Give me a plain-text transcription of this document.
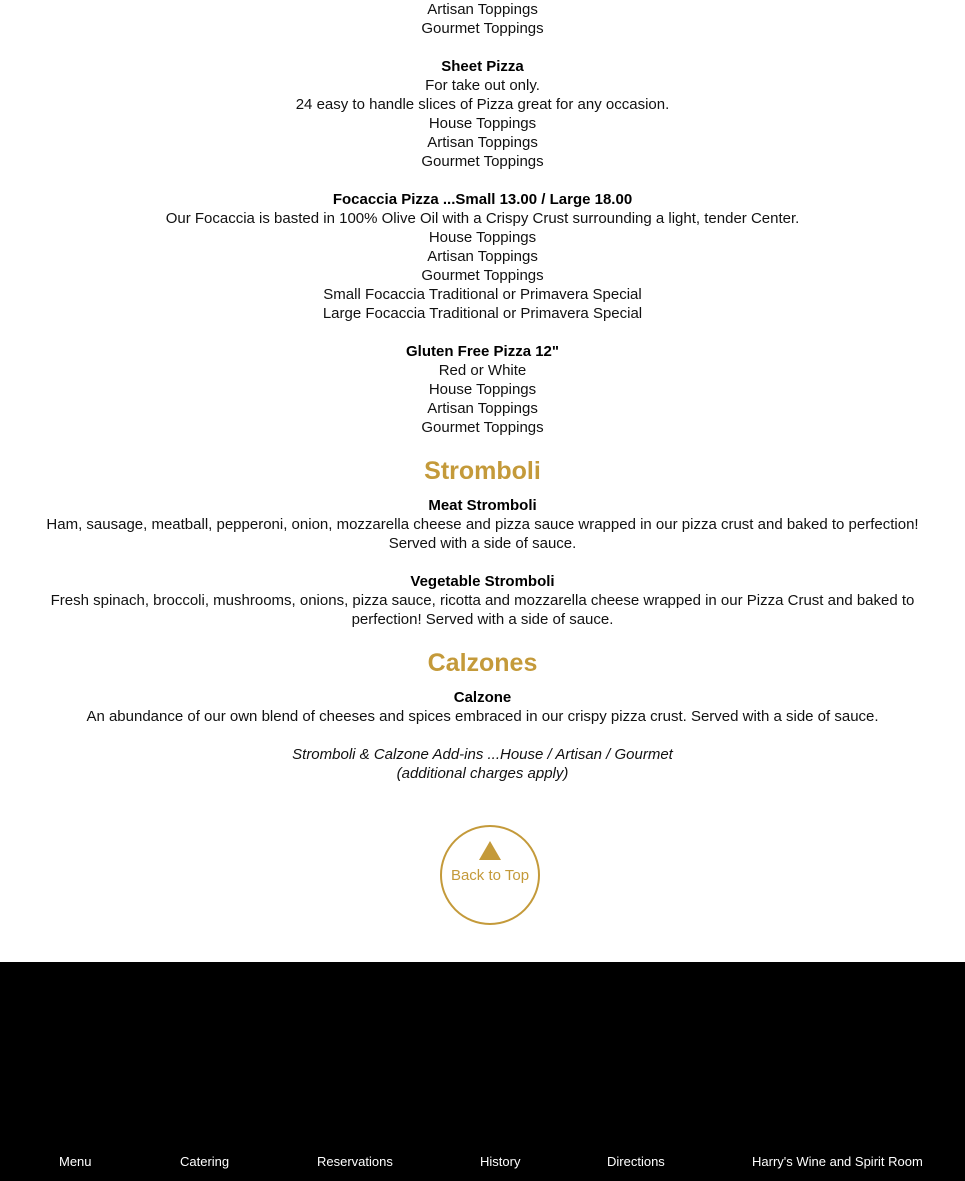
Artisan Toppings
Gourmet Toppings
Sheet Pizza
For take out only.
24 easy to handle slices of Pizza great for any occasion.
House Toppings
Artisan Toppings
Gourmet Toppings
Focaccia Pizza ...Small 13.00 / Large 18.00
Our Focaccia is basted in 100% Olive Oil with a Crispy Crust surrounding a light, tender Center.
House Toppings
Artisan Toppings
Gourmet Toppings
Small Focaccia Traditional or Primavera Special
Large Focaccia Traditional or Primavera Special
Gluten Free Pizza 12"
Red or White
House Toppings
Artisan Toppings
Gourmet Toppings
Stromboli
Meat Stromboli
Ham, sausage, meatball, pepperoni, onion, mozzarella cheese and pizza sauce wrapped in our pizza crust and baked to perfection! Served with a side of sauce.
Vegetable Stromboli
Fresh spinach, broccoli, mushrooms, onions, pizza sauce, ricotta and mozzarella cheese wrapped in our Pizza Crust and baked to perfection! Served with a side of sauce.
Calzones
Calzone
An abundance of our own blend of cheeses and spices embraced in our crispy pizza crust. Served with a side of sauce.
Stromboli & Calzone Add-ins ...House / Artisan / Gourmet
(additional charges apply)
Back to Top
Menu	Catering	Reservations	History	Directions	Harry's Wine and Spirit Room
